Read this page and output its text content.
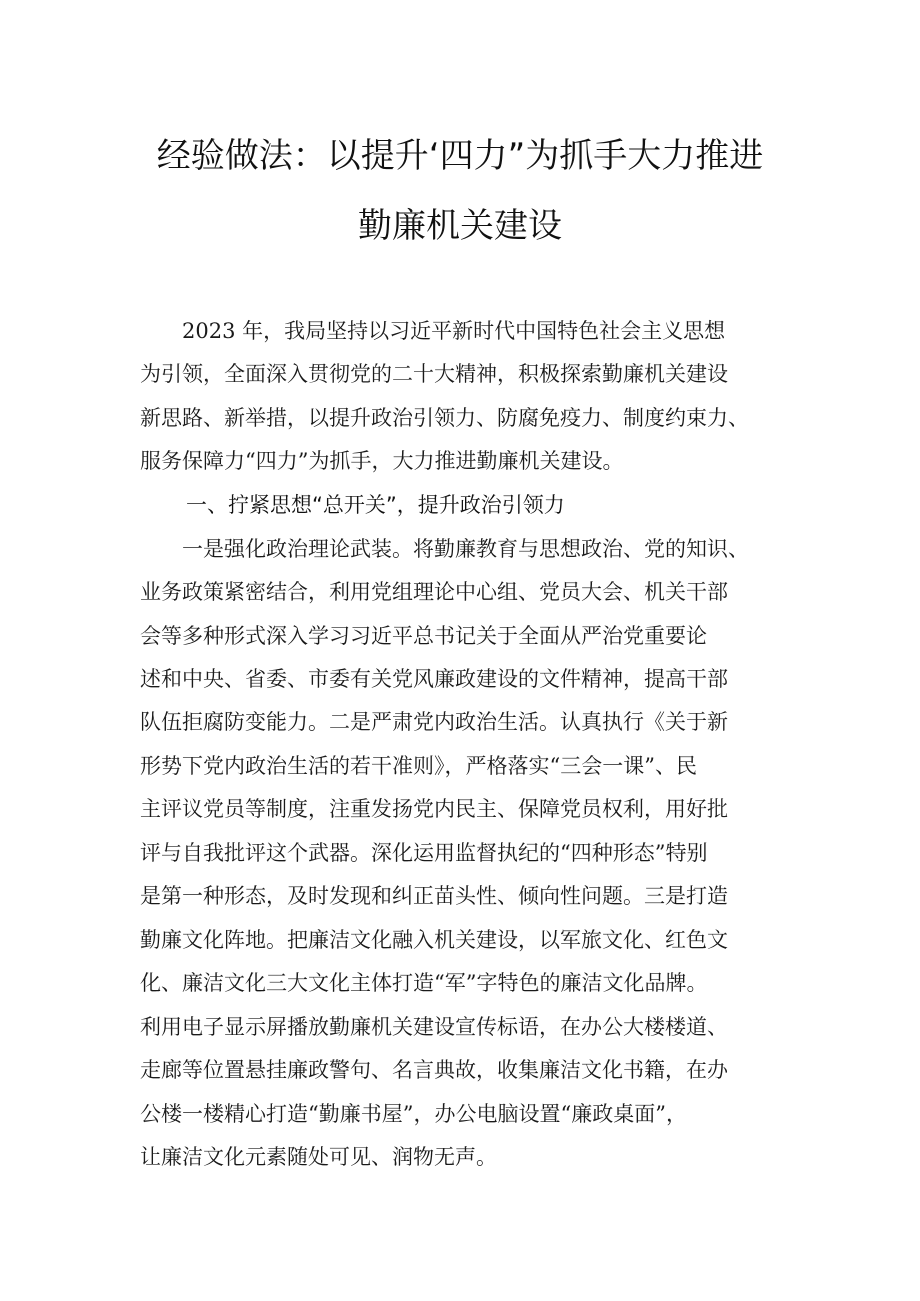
经验做法：以提升‘四力”为抓手大力推进
勤廉机关建设
2023 年，我局坚持以习近平新时代中国特色社会主义思想
为引领，全面深入贯彻党的二十大精神，积极探索勤廉机关建设
新思路、新举措，以提升政治引领力、防腐免疫力、制度约束力、
服务保障力“四力”为抓手，大力推进勤廉机关建设。
一、拧紧思想“总开关”，提升政治引领力
一是强化政治理论武装。将勤廉教育与思想政治、党的知识、
业务政策紧密结合，利用党组理论中心组、党员大会、机关干部
会等多种形式深入学习习近平总书记关于全面从严治党重要论
述和中央、省委、市委有关党风廉政建设的文件精神，提高干部
队伍拒腐防变能力。二是严肃党内政治生活。认真执行《关于新
形势下党内政治生活的若干准则》，严格落实“三会一课”、民
主评议党员等制度，注重发扬党内民主、保障党员权利，用好批
评与自我批评这个武器。深化运用监督执纪的“四种形态”特别
是第一种形态，及时发现和纠正苗头性、倾向性问题。三是打造
勤廉文化阵地。把廉洁文化融入机关建设，以军旅文化、红色文
化、廉洁文化三大文化主体打造“军”字特色的廉洁文化品牌。
利用电子显示屏播放勤廉机关建设宣传标语，在办公大楼楼道、
走廊等位置悬挂廉政警句、名言典故，收集廉洁文化书籍，在办
公楼一楼精心打造“勤廉书屋”，办公电脑设置“廉政桌面”，
让廉洁文化元素随处可见、润物无声。
